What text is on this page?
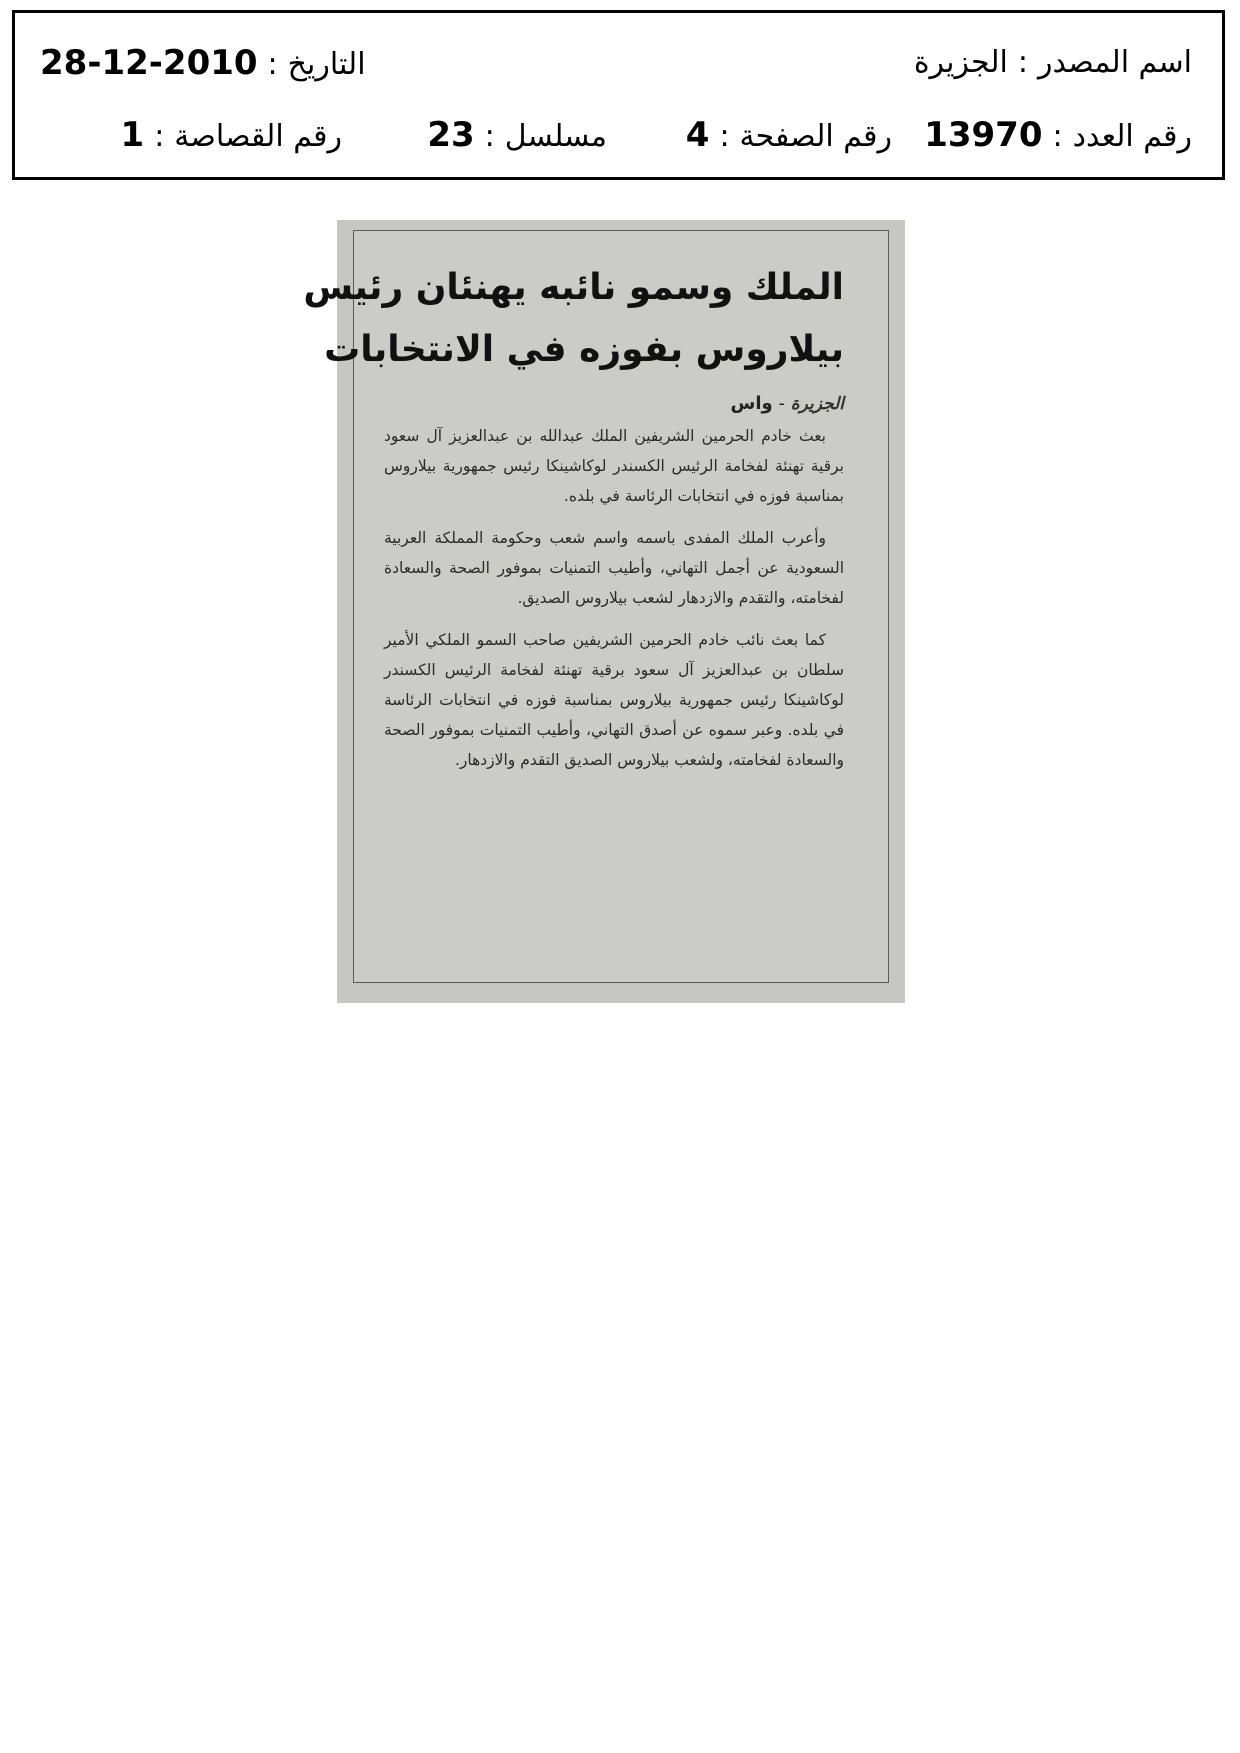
اسم المصدر:الجزيرة
التاريخ:2010-12-28
رقم العدد:13970
رقم الصفحة:4
مسلسل:23
رقم القصاصة:1
الملك وسمو نائبه يهنئان رئيس
بيلاروس بفوزه في الانتخابات
الجزيرة - واس

بعث خادم الحرمين الشريفين الملك عبدالله بن عبدالعزيز آل سعود برقية تهنئة لفخامة الرئيس الكسندر لوكاشينكا رئيس جمهورية بيلاروس بمناسبة فوزه في انتخابات الرئاسة في بلده.

وأعرب الملك المفدى باسمه واسم شعب وحكومة المملكة العربية السعودية عن أجمل التهاني، وأطيب التمنيات بموفور الصحة والسعادة لفخامته، والتقدم والازدهار لشعب بيلاروس الصديق.

كما بعث نائب خادم الحرمين الشريفين صاحب السمو الملكي الأمير سلطان بن عبدالعزيز آل سعود برقية تهنئة لفخامة الرئيس الكسندر لوكاشينكا رئيس جمهورية بيلاروس بمناسبة فوزه في انتخابات الرئاسة في بلده. وعبر سموه عن أصدق التهاني، وأطيب التمنيات بموفور الصحة والسعادة لفخامته، ولشعب بيلاروس الصديق التقدم والازدهار.
